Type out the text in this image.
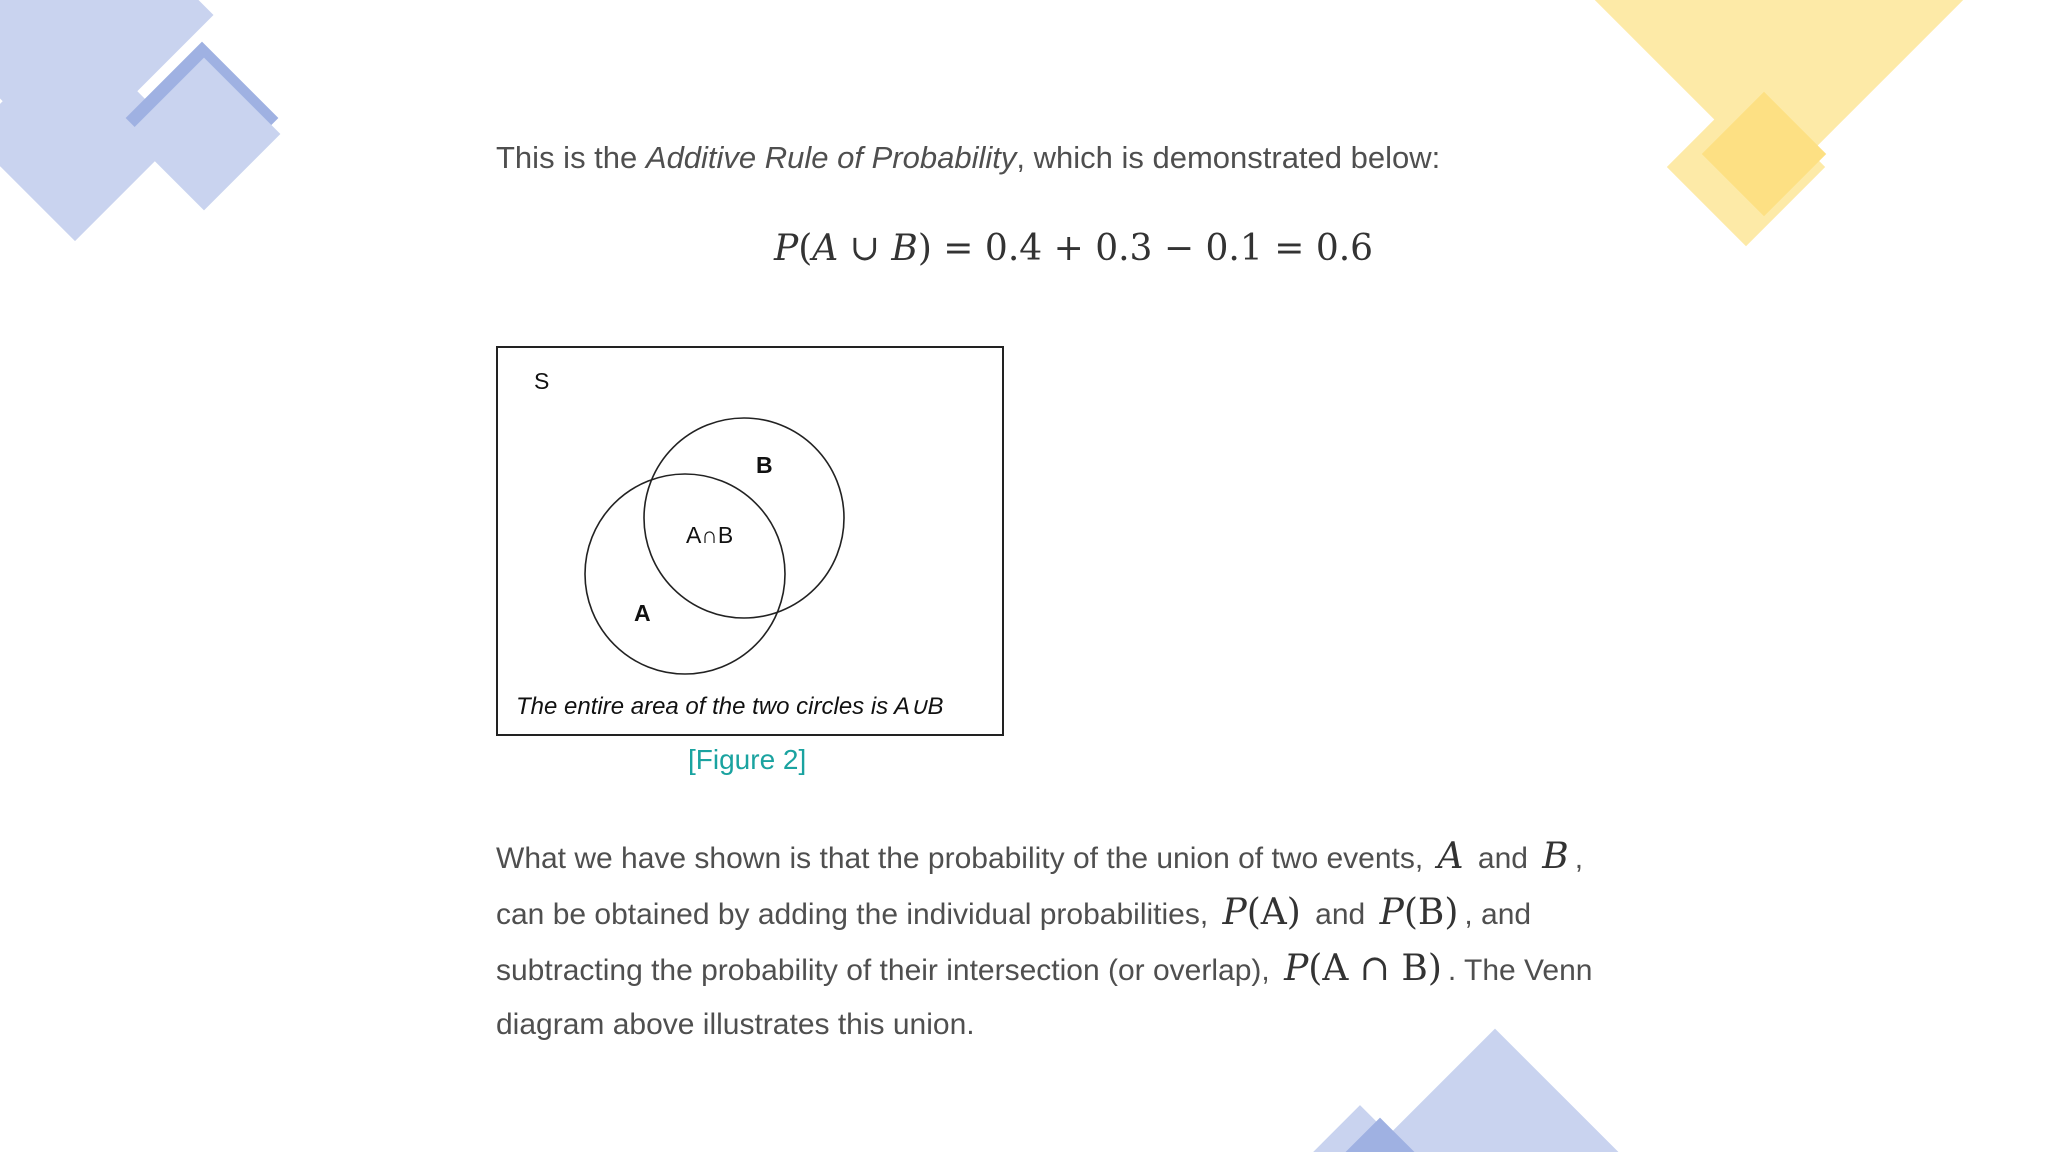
This is the Additive Rule of Probability, which is demonstrated below:
P(A ∪ B) = 0.4 + 0.3 − 0.1 = 0.6
S
B
A
A∩B
The entire area of the two circles is A∪B
[Figure 2]
What we have shown is that the probability of the union of two events, A and B , can be obtained by adding the individual probabilities, P(A) and P(B) , and subtracting the probability of their intersection (or overlap), P(A ∩ B) . The Venn diagram above illustrates this union.
